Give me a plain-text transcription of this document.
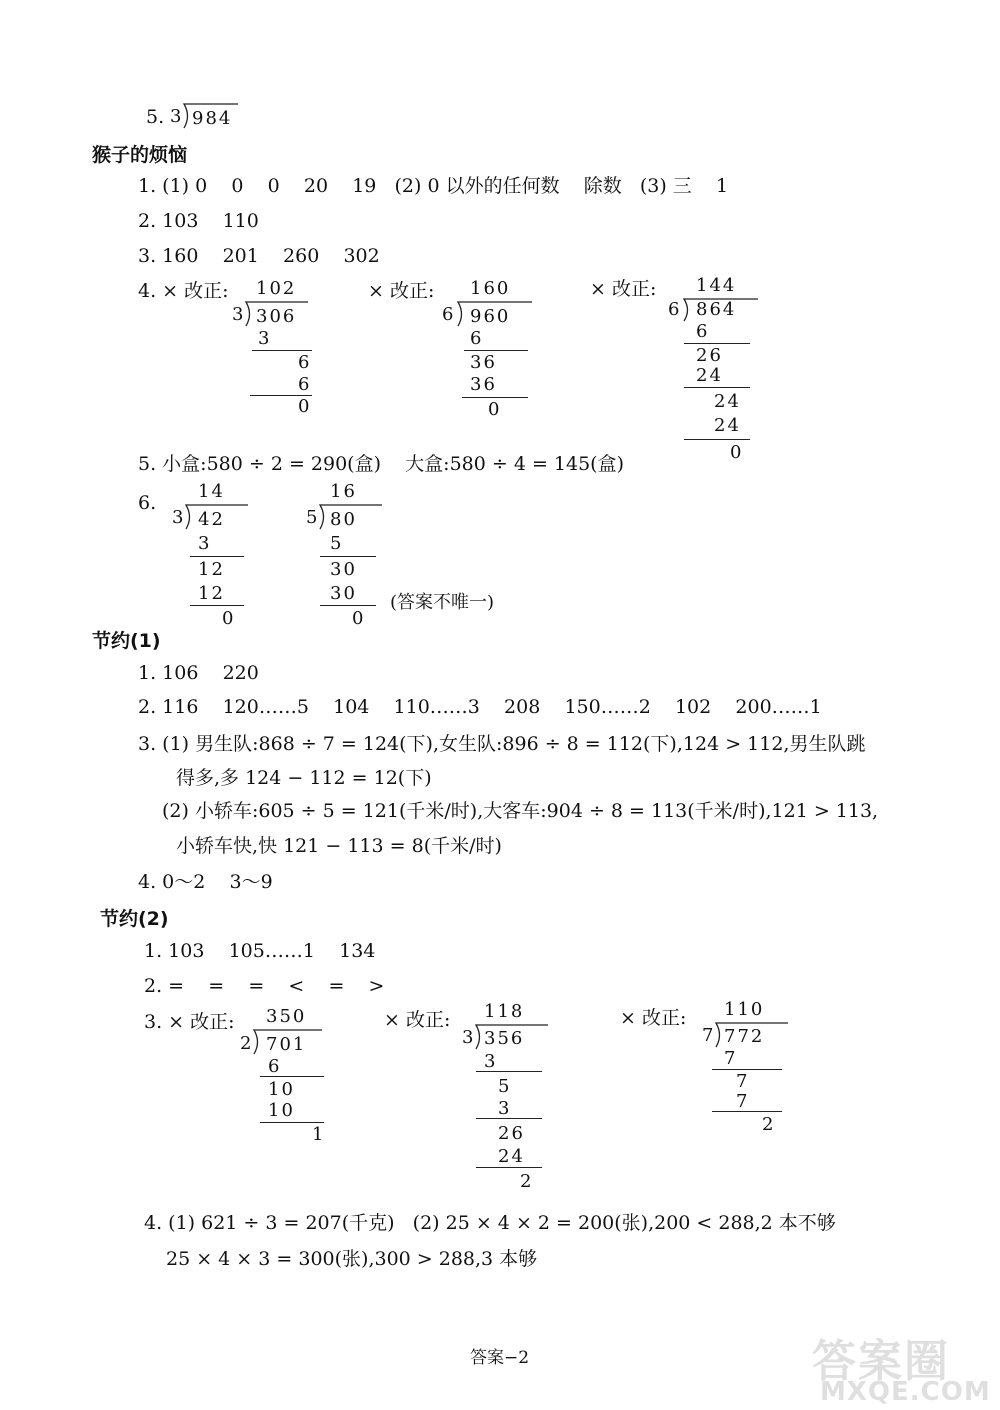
5. 3 984
猴子的烦恼
1. (1) 0    0    0    20    19   (2) 0 以外的任何数    除数   (3) 三    1
2. 103    110
3. 160    201    260    302
4. × 改正:	× 改正:	× 改正:
102
3 306
3
6
6
0
160
6 960
6
36
36
0
144
6 864
6
26
24
24
24
0
5. 小盒:580 ÷ 2 = 290(盒)    大盒:580 ÷ 4 = 145(盒)
6.
14
3 42
3
12
12
0
16
5 80
5
30
30
0
(答案不唯一)
节约(1)
1. 106    220
2. 116    120……5    104    110……3    208    150……2    102    200……1
3. (1) 男生队:868 ÷ 7 = 124(下),女生队:896 ÷ 8 = 112(下),124 > 112,男生队跳
得多,多 124 − 112 = 12(下)
(2) 小轿车:605 ÷ 5 = 121(千米/时),大客车:904 ÷ 8 = 113(千米/时),121 > 113,
小轿车快,快 121 − 113 = 8(千米/时)
4. 0～2    3～9
节约(2)
1. 103    105……1    134
2. =    =    =    <    =    >
3. × 改正:	× 改正:	× 改正:
350
2 701
6
10
10
1
118
3 356
3
5
3
26
24
2
110
7 772
7
7
7
2
4. (1) 621 ÷ 3 = 207(千克)   (2) 25 × 4 × 2 = 200(张),200 < 288,2 本不够
25 × 4 × 3 = 300(张),300 > 288,3 本够
答案−2	答案圈
MXQE.COM
